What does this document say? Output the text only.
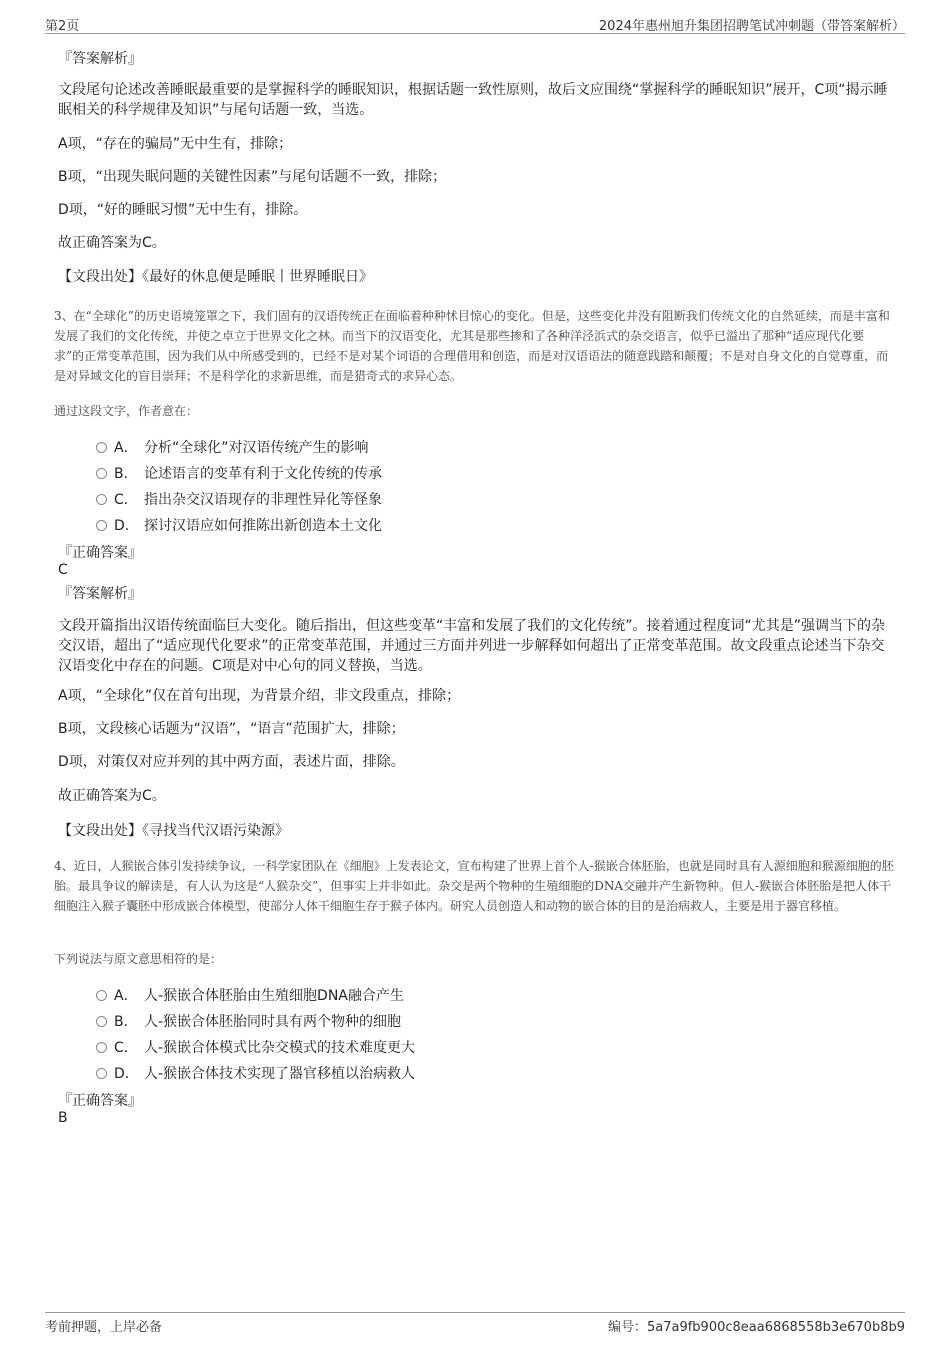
第2页	2024年惠州旭升集团招聘笔试冲刺题（带答案解析）
『答案解析』
文段尾句论述改善睡眠最重要的是掌握科学的睡眠知识，根据话题一致性原则，故后文应围绕“掌握科学的睡眠知识”展开，C项“揭示睡眠相关的科学规律及知识”与尾句话题一致，当选。
A项，“存在的骗局”无中生有，排除；
B项，“出现失眠问题的关键性因素”与尾句话题不一致，排除；
D项，“好的睡眠习惯”无中生有，排除。
故正确答案为C。
【文段出处】《最好的休息便是睡眠丨世界睡眠日》
3、在“全球化”的历史语境笼罩之下，我们固有的汉语传统正在面临着种种怵目惊心的变化。但是，这些变化并没有阻断我们传统文化的自然延续，而是丰富和发展了我们的文化传统，并使之卓立于世界文化之林。而当下的汉语变化，尤其是那些掺和了各种洋泾浜式的杂交语言，似乎已溢出了那种“适应现代化要求”的正常变革范围，因为我们从中所感受到的，已经不是对某个词语的合理借用和创造，而是对汉语语法的随意践踏和颠覆；不是对自身文化的自觉尊重，而是对异域文化的盲目崇拜；不是科学化的求新思维，而是猎奇式的求异心态。
通过这段文字，作者意在：
A． 分析“全球化”对汉语传统产生的影响
B． 论述语言的变革有利于文化传统的传承
C． 指出杂交汉语现存的非理性异化等怪象
D． 探讨汉语应如何推陈出新创造本土文化
『正确答案』
C
『答案解析』
文段开篇指出汉语传统面临巨大变化。随后指出，但这些变革“丰富和发展了我们的文化传统”。接着通过程度词“尤其是”强调当下的杂交汉语，超出了“适应现代化要求”的正常变革范围，并通过三方面并列进一步解释如何超出了正常变革范围。故文段重点论述当下杂交汉语变化中存在的问题。C项是对中心句的同义替换，当选。
A项，“全球化”仅在首句出现，为背景介绍，非文段重点，排除；
B项，文段核心话题为“汉语”，“语言”范围扩大，排除；
D项，对策仅对应并列的其中两方面，表述片面，排除。
故正确答案为C。
【文段出处】《寻找当代汉语污染源》
4、近日，人猴嵌合体引发持续争议，一科学家团队在《细胞》上发表论文，宣布构建了世界上首个人-猴嵌合体胚胎，也就是同时具有人源细胞和猴源细胞的胚胎。最具争议的解读是，有人认为这是“人猴杂交”，但事实上并非如此。杂交是两个物种的生殖细胞的DNA交融并产生新物种。但人-猴嵌合体胚胎是把人体干细胞注入猴子囊胚中形成嵌合体模型，使部分人体干细胞生存于猴子体内。研究人员创造人和动物的嵌合体的目的是治病救人，主要是用于器官移植。
下列说法与原文意思相符的是：
A． 人-猴嵌合体胚胎由生殖细胞DNA融合产生
B． 人-猴嵌合体胚胎同时具有两个物种的细胞
C． 人-猴嵌合体模式比杂交模式的技术难度更大
D． 人-猴嵌合体技术实现了器官移植以治病救人
『正确答案』
B
考前押题，上岸必备	编号：5a7a9fb900c8eaa6868558b3e670b8b9
